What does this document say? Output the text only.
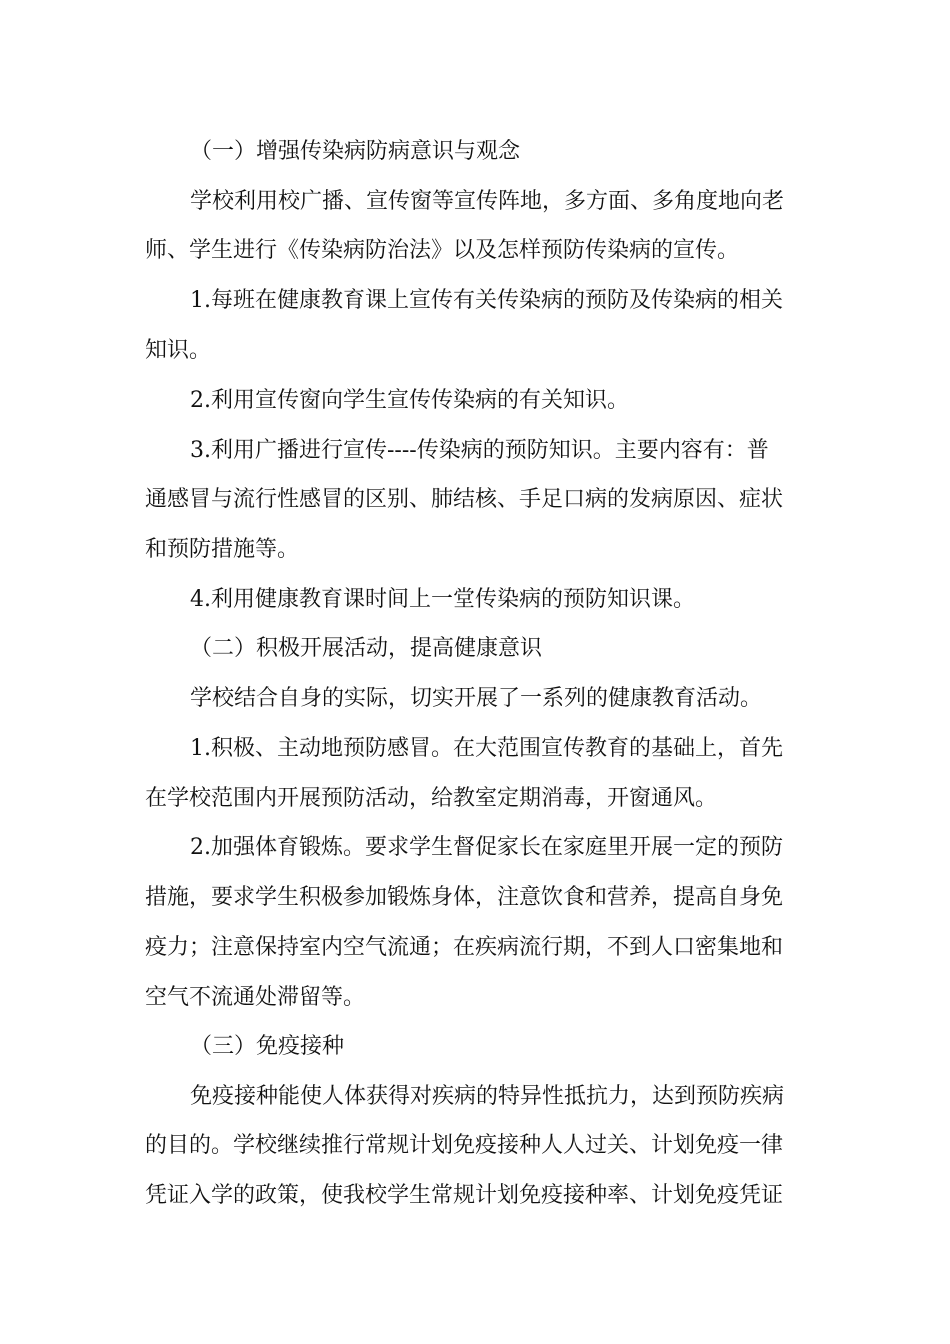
（一）增强传染病防病意识与观念
学校利用校广播、宣传窗等宣传阵地，多方面、多角度地向老
师、学生进行《传染病防治法》以及怎样预防传染病的宣传。
1.每班在健康教育课上宣传有关传染病的预防及传染病的相关
知识。
2.利用宣传窗向学生宣传传染病的有关知识。
3.利用广播进行宣传----传染病的预防知识。主要内容有：普
通感冒与流行性感冒的区别、肺结核、手足口病的发病原因、症状
和预防措施等。
4.利用健康教育课时间上一堂传染病的预防知识课。
（二）积极开展活动，提高健康意识
学校结合自身的实际，切实开展了一系列的健康教育活动。
1.积极、主动地预防感冒。在大范围宣传教育的基础上，首先
在学校范围内开展预防活动，给教室定期消毒，开窗通风。
2.加强体育锻炼。要求学生督促家长在家庭里开展一定的预防
措施，要求学生积极参加锻炼身体，注意饮食和营养，提高自身免
疫力；注意保持室内空气流通；在疾病流行期，不到人口密集地和
空气不流通处滞留等。
（三）免疫接种
免疫接种能使人体获得对疾病的特异性抵抗力，达到预防疾病
的目的。学校继续推行常规计划免疫接种人人过关、计划免疫一律
凭证入学的政策，使我校学生常规计划免疫接种率、计划免疫凭证
